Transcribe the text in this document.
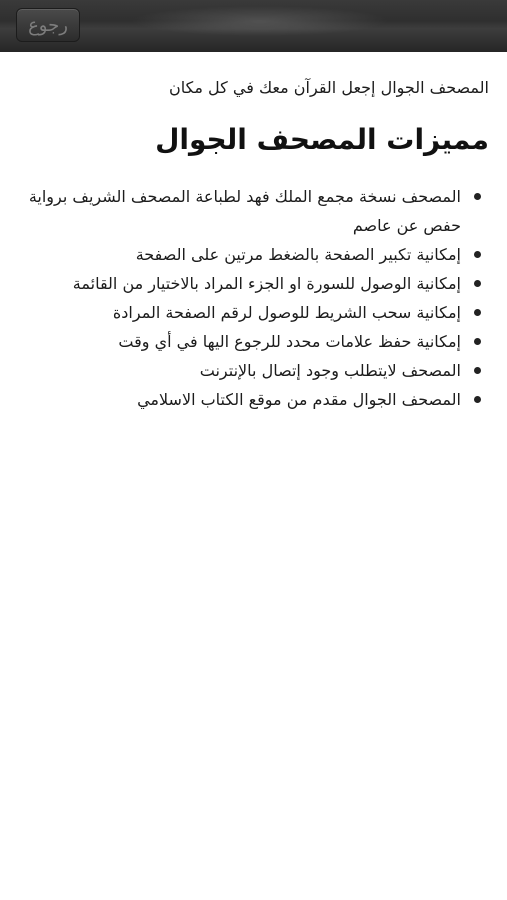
رجوع

المصحف الجوال إجعل القرآن معك في كل مكان

مميزات المصحف الجوال
المصحف نسخة مجمع الملك فهد لطباعة المصحف الشريف برواية حفص عن عاصم
إمكانية تكبير الصفحة بالضغط مرتين على الصفحة
إمكانية الوصول للسورة او الجزء المراد بالاختيار من القائمة
إمكانية سحب الشريط للوصول لرقم الصفحة المرادة
إمكانية حفظ علامات محدد للرجوع اليها في أي وقت
المصحف لايتطلب وجود إتصال بالإنترنت
المصحف الجوال مقدم من موقع الكتاب الاسلامي
